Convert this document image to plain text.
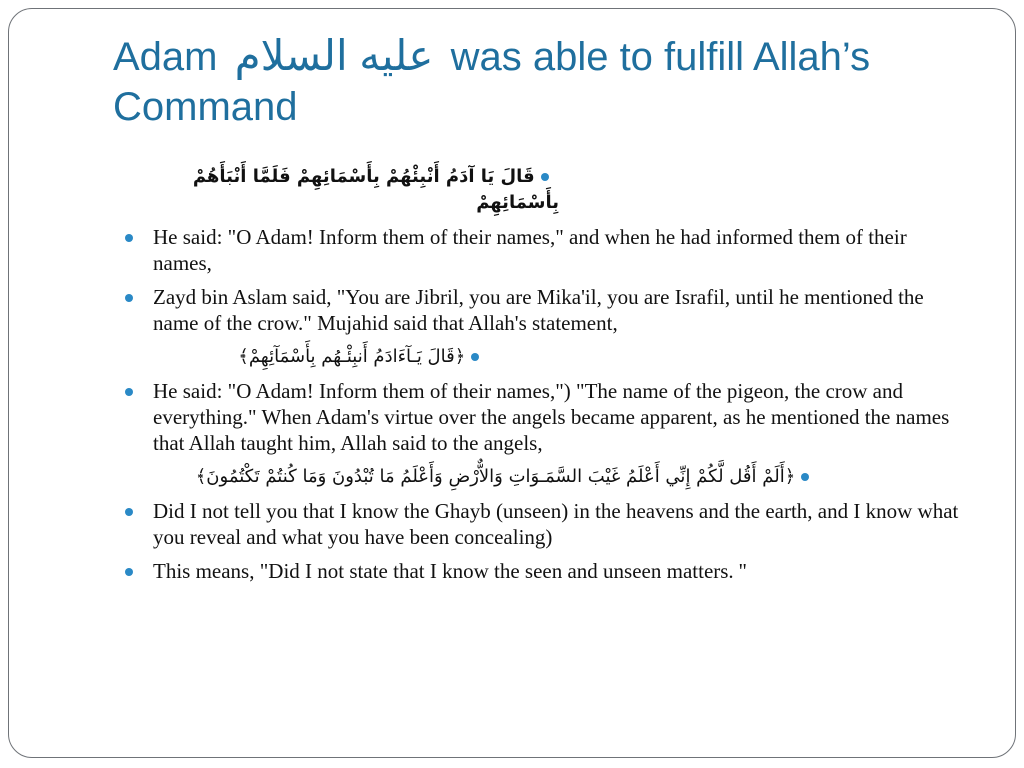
Adam عليه السلام was able to fulfill Allah’s Command
قَالَ يَا آدَمُ أَنْبِئْهُمْ بِأَسْمَائِهِمْ فَلَمَّا أَنْبَأَهُمْ بِأَسْمَائِهِمْ
He said: "O Adam! Inform them of their names," and when he had informed them of their names,
Zayd bin Aslam said, "You are Jibril, you are Mika'il, you are Israfil, until he mentioned the name of the crow." Mujahid said that Allah's statement,
﴿قَالَ يَـآءَادَمُ أَنبِئْـهُم بِأَسْمَآئِهِمْ﴾
He said: "O Adam! Inform them of their names,") "The name of the pigeon, the crow and everything." When Adam's virtue over the angels became apparent, as he mentioned the names that Allah taught him, Allah said to the angels,
﴿أَلَمْ أَقُل لَّكُمْ إِنِّي أَعْلَمُ غَيْبَ السَّمَـوَاتِ وَالاٌّرْضِ وَأَعْلَمُ مَا تُبْدُونَ وَمَا كُنتُمْ تَكْتُمُونَ﴾
Did I not tell you that I know the Ghayb (unseen) in the heavens and the earth, and I know what you reveal and what you have been concealing)
This means, "Did I not state that I know the seen and unseen matters. ''
